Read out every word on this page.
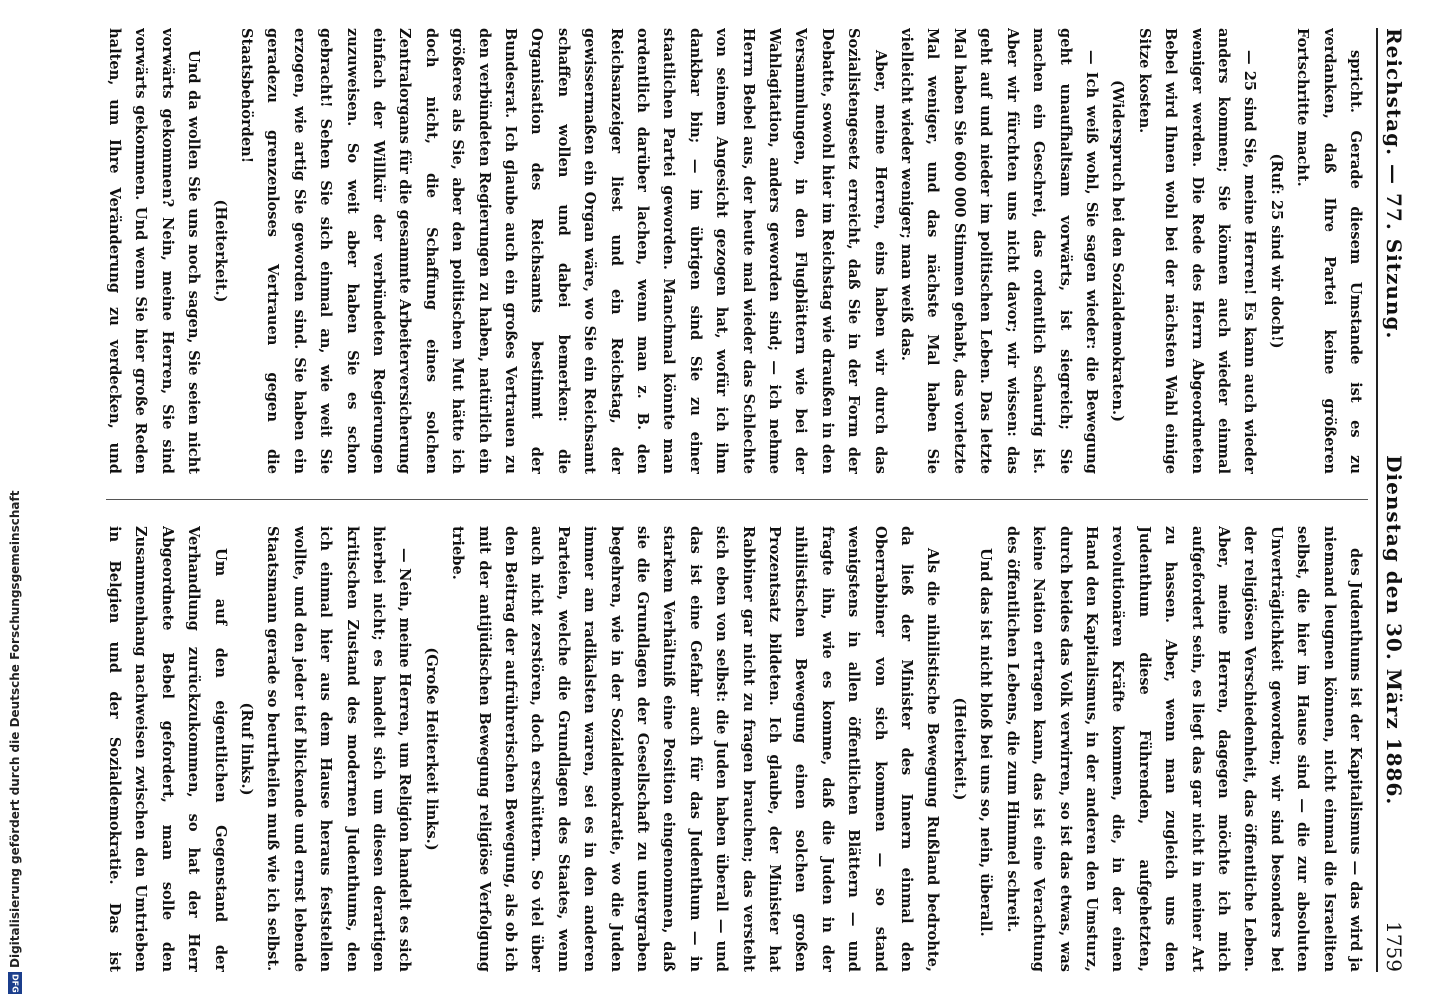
Reichstag. — 77. Sitzung.
Dienstag den 30. März 1886.
1759

spricht. Gerade diesem Umstande ist es zu verdanken, daß Ihre Partei keine größeren Fortschritte macht.

(Ruf: 25 sind wir doch!)

— 25 sind Sie, meine Herren! Es kann auch wieder anders kommen; Sie können auch wieder einmal weniger werden. Die Rede des Herrn Abgeordneten Bebel wird Ihnen wohl bei der nächsten Wahl einige Sitze kosten.

(Widerspruch bei den Sozialdemokraten.)

— Ich weiß wohl, Sie sagen wieder: die Bewegung geht unaufhaltsam vorwärts, ist siegreich; Sie machen ein Geschrei, das ordentlich schaurig ist. Aber wir fürchten uns nicht davor; wir wissen: das geht auf und nieder im politischen Leben. Das letzte Mal haben Sie 600 000 Stimmen gehabt, das vorletzte Mal weniger, und das nächste Mal haben Sie vielleicht wieder weniger; man weiß das.

Aber, meine Herren, eins haben wir durch das Sozialistengesetz erreicht, daß Sie in der Form der Debatte, sowohl hier im Reichstag wie draußen in den Versammlungen, in den Flugblättern wie bei der Wahlagitation, anders geworden sind; — ich nehme Herrn Bebel aus, der heute mal wieder das Schlechte von seinem Angesicht gezogen hat, wofür ich ihm dankbar bin; — im übrigen sind Sie zu einer staatlichen Partei geworden. Manchmal könnte man ordentlich darüber lachen, wenn man z. B. den Reichsanzeiger liest und ein Reichstag, der gewissermaßen ein Organ wäre, wo Sie ein Reichsamt schaffen wollen und dabei bemerken: die Organisation des Reichsamts bestimmt der Bundesrat. Ich glaube auch ein großes Vertrauen zu den verbündeten Regierungen zu haben, natürlich ein größeres als Sie, aber den politischen Mut hätte ich doch nicht, die Schaffung eines solchen Zentralorgans für die gesammte Arbeiterversicherung einfach der Willkür der verbündeten Regierungen zuzuweisen. So weit aber haben Sie es schon gebracht! Sehen Sie sich einmal an, wie weit Sie erzogen, wie artig Sie geworden sind. Sie haben ein geradezu grenzenloses Vertrauen gegen die Staatsbehörden!

(Heiterkeit.)

Und da wollen Sie uns noch sagen, Sie seien nicht vorwärts gekommen? Nein, meine Herren, Sie sind vorwärts gekommen. Und wenn Sie hier große Reden halten, um Ihre Veränderung zu verdecken, und

des Judenthums ist der Kapitalismus — das wird ja niemand leugnen können, nicht einmal die Israeliten selbst, die hier im Hause sind — die zur absoluten Unverträglichkeit geworden; wir sind besonders bei der religiösen Verschiedenheit, das öffentliche Leben. Aber, meine Herren, dagegen möchte ich mich aufgefordert sein, es liegt das gar nicht in meiner Art zu hassen. Aber, wenn man zugleich uns den Judenthum diese Führenden, aufgehetzten, revolutionären Kräfte kommen, die, in der einen Hand den Kapitalismus, in der anderen den Umsturz, durch beides das Volk verwirren, so ist das etwas, was keine Nation ertragen kann, das ist eine Verachtung des öffentlichen Lebens, die zum Himmel schreit.

Und das ist nicht bloß bei uns so, nein, überall.

(Heiterkeit.)

Als die nihilistische Bewegung Rußland bedrohte, da ließ der Minister des Innern einmal den Oberrabbiner von sich kommen — so stand wenigstens in allen öffentlichen Blättern — und fragte ihn, wie es komme, daß die Juden in der nihilistischen Bewegung einen solchen großen Prozentsatz bildeten. Ich glaube, der Minister hat Rabbiner gar nicht zu fragen brauchen; das versteht sich eben von selbst: die Juden haben überall — und das ist eine Gefahr auch für das Judenthum — in starkem Verhältniß eine Position eingenommen, daß sie die Grundlagen der Gesellschaft zu untergraben begehren, wie in der Sozialdemokratie, wo die Juden immer am radikalsten waren, sei es in den anderen Parteien, welche die Grundlagen des Staates, wenn auch nicht zerstören, doch erschüttern. So viel über den Beitrag der aufrührerischen Bewegung, als ob ich mit der antijüdischen Bewegung religiöse Verfolgung triebe.

(Große Heiterkeit links.)

— Nein, meine Herren, um Religion handelt es sich hierbei nicht; es handelt sich um diesen derartigen kritischen Zustand des modernen Judenthums, den ich einmal hier aus dem Hause heraus feststellen wollte, und den jeder tief blickende und ernst lebende Staatsmann gerade so beurtheilen muß wie ich selbst.

(Ruf links.)

Um auf den eigentlichen Gegenstand der Verhandlung zurückzukommen, so hat der Herr Abgeordnete Bebel gefordert, man solle den Zusammenhang nachweisen zwischen den Umtrieben in Belgien und der Sozialdemokratie. Das ist

Digitalisierung gefördert durch die Deutsche Forschungsgemeinschaft
DFG
